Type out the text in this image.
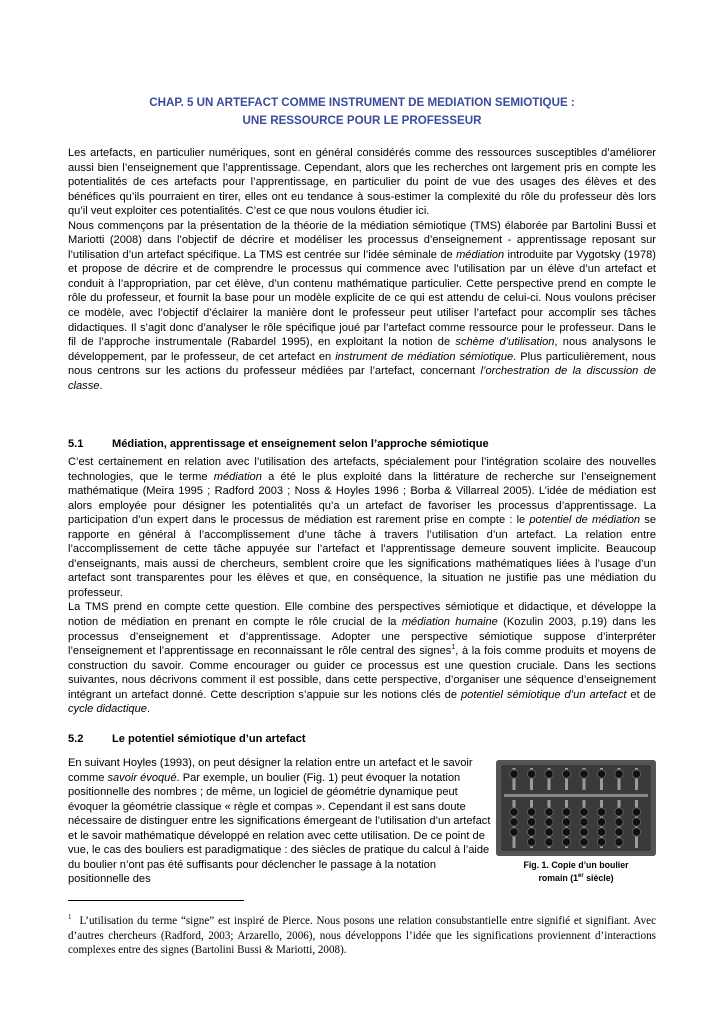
CHAP. 5 UN ARTEFACT COMME INSTRUMENT DE MEDIATION SEMIOTIQUE :
UNE RESSOURCE POUR LE PROFESSEUR

Les artefacts, en particulier numériques, sont en général considérés comme des ressources susceptibles d’améliorer aussi bien l’enseignement que l’apprentissage. Cependant, alors que les recherches ont largement pris en compte les potentialités de ces artefacts pour l’apprentissage, en particulier du point de vue des usages des élèves et des bénéfices qu’ils pourraient en tirer, elles ont eu tendance à sous-estimer la complexité du rôle du professeur dès lors qu’il veut exploiter ces potentialités. C’est ce que nous voulons étudier ici.

Nous commençons par la présentation de la théorie de la médiation sémiotique (TMS) élaborée par Bartolini Bussi et Mariotti (2008) dans l’objectif de décrire et modéliser les processus d’enseignement - apprentissage reposant sur l’utilisation d’un artefact spécifique. La TMS est centrée sur l’idée séminale de médiation introduite par Vygotsky (1978) et propose de décrire et de comprendre le processus qui commence avec l’utilisation par un élève d’un artefact et conduit à l’appropriation, par cet élève, d’un contenu mathématique particulier. Cette perspective prend en compte le rôle du professeur, et fournit la base pour un modèle explicite de ce qui est attendu de celui-ci. Nous voulons préciser ce modèle, avec l’objectif d’éclairer la manière dont le professeur peut utiliser l’artefact pour accomplir ses tâches didactiques. Il s’agit donc d’analyser le rôle spécifique joué par l’artefact comme ressource pour le professeur. Dans le fil de l’approche instrumentale (Rabardel 1995), en exploitant la notion de schème d’utilisation, nous analysons le développement, par le professeur, de cet artefact en instrument de médiation sémiotique. Plus particulièrement, nous nous centrons sur les actions du professeur médiées par l’artefact, concernant l’orchestration de la discussion de classe.

5.1	Médiation, apprentissage et enseignement selon l’approche sémiotique

C’est certainement en relation avec l’utilisation des artefacts, spécialement pour l’intégration scolaire des nouvelles technologies, que le terme médiation a été le plus exploité dans la littérature de recherche sur l’enseignement mathématique (Meira 1995 ; Radford 2003 ; Noss & Hoyles 1996 ; Borba & Villarreal 2005). L’idée de médiation est alors employée pour désigner les potentialités qu’a un artefact de favoriser les processus d’apprentissage. La participation d’un expert dans le processus de médiation est rarement prise en compte : le potentiel de médiation se rapporte en général à l’accomplissement d’une tâche à travers l’utilisation d’un artefact. La relation entre l’accomplissement de cette tâche appuyée sur l’artefact et l’apprentissage demeure souvent implicite. Beaucoup d’enseignants, mais aussi de chercheurs, semblent croire que les significations mathématiques liées à l’usage d’un artefact sont transparentes pour les élèves et que, en conséquence, la situation ne justifie pas une médiation du professeur.

La TMS prend en compte cette question. Elle combine des perspectives sémiotique et didactique, et développe la notion de médiation en prenant en compte le rôle crucial de la médiation humaine (Kozulin 2003, p.19) dans les processus d’enseignement et d’apprentissage. Adopter une perspective sémiotique suppose d’interpréter l’enseignement et l’apprentissage en reconnaissant le rôle central des signes$^1$, à la fois comme produits et moyens de construction du savoir. Comme encourager ou guider ce processus est une question cruciale. Dans les sections suivantes, nous décrivons comment il est possible, dans cette perspective, d’organiser une séquence d’enseignement intégrant un artefact donné. Cette description s’appuie sur les notions clés de potentiel sémiotique d’un artefact et de cycle didactique.

5.2	Le potentiel sémiotique d’un artefact

En suivant Hoyles (1993), on peut désigner la relation entre un artefact et le savoir comme savoir évoqué. Par exemple, un boulier (Fig. 1) peut évoquer la notation positionnelle des nombres ; de même, un logiciel de géométrie dynamique peut évoquer la géométrie classique « règle et compas ». Cependant il est sans doute nécessaire de distinguer entre les significations émergeant de l’utilisation d’un artefact et le savoir mathématique développé en relation avec cette utilisation. De ce point de vue, le cas des bouliers est paradigmatique : des siècles de pratique du calcul à l’aide du boulier n’ont pas été suffisants pour déclencher le passage à la notation positionnelle des

Fig. 1. Copie d’un boulier
romain (1er siècle)
$^1$ L’utilisation du terme “signe” est inspiré de Pierce. Nous posons une relation consubstantielle entre signifié et signifiant. Avec d’autres chercheurs (Radford, 2003; Arzarello, 2006), nous développons l’idée que les significations proviennent d’interactions complexes entre des signes (Bartolini Bussi & Mariotti, 2008).
